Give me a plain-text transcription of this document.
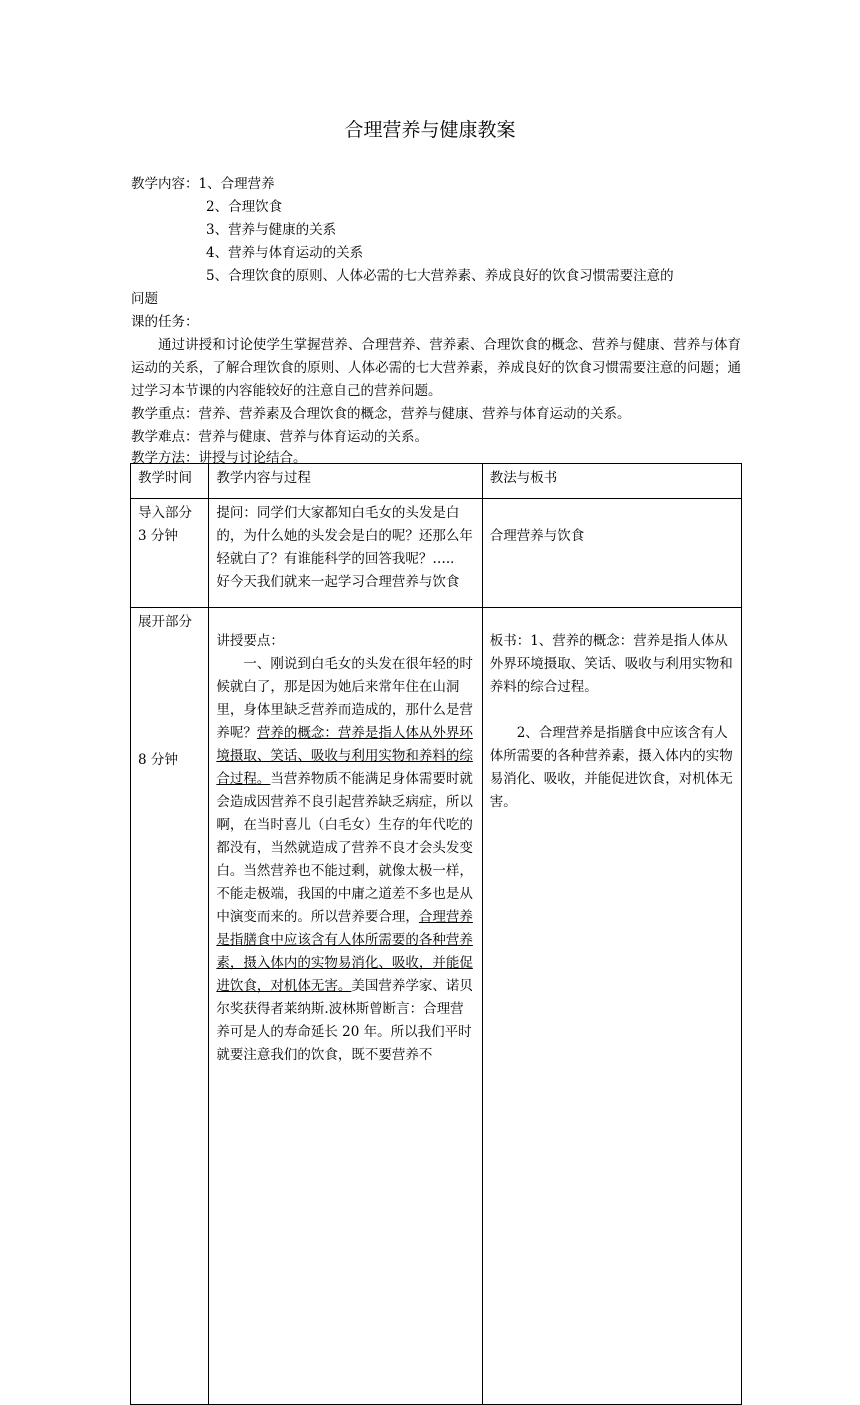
合理营养与健康教案
教学内容：1、合理营养
2、合理饮食
3、营养与健康的关系
4、营养与体育运动的关系
5、合理饮食的原则、人体必需的七大营养素、养成良好的饮食习惯需要注意的
问题
课的任务：
通过讲授和讨论使学生掌握营养、合理营养、营养素、合理饮食的概念、营养与健康、营养与体育运动的关系，了解合理饮食的原则、人体必需的七大营养素，养成良好的饮食习惯需要注意的问题；通过学习本节课的内容能较好的注意自己的营养问题。
教学重点：营养、营养素及合理饮食的概念，营养与健康、营养与体育运动的关系。
教学难点：营养与健康、营养与体育运动的关系。
教学方法：讲授与讨论结合。
教学时间	教学内容与过程	教法与板书

导入部分
3 分钟	提问：同学们大家都知白毛女的头发是白的，为什么她的头发会是白的呢？还那么年轻就白了？有谁能科学的回答我呢？….．好今天我们就来一起学习合理营养与饮食	合理营养与饮食

展开部分
8 分钟	讲授要点：
一、刚说到白毛女的头发在很年轻的时候就白了，那是因为她后来常年住在山洞里，身体里缺乏营养而造成的，那什么是营养呢？营养的概念：营养是指人体从外界环境摄取、笑话、吸收与利用实物和养料的综合过程。当营养物质不能满足身体需要时就会造成因营养不良引起营养缺乏病症，所以啊，在当时喜儿（白毛女）生存的年代吃的都没有，当然就造成了营养不良才会头发变白。当然营养也不能过剩，就像太极一样，不能走极端，我国的中庸之道差不多也是从中演变而来的。所以营养要合理，合理营养是指膳食中应该含有人体所需要的各种营养素，摄入体内的实物易消化、吸收，并能促进饮食，对机体无害。美国营养学家、诺贝尔奖获得者莱纳斯.波林斯曾断言：合理营养可是人的寿命延长 20 年。所以我们平时就要注意我们的饮食，既不要营养不	板书：1、营养的概念：营养是指人体从外界环境摄取、笑话、吸收与利用实物和养料的综合过程。
2、合理营养是指膳食中应该含有人体所需要的各种营养素，摄入体内的实物易消化、吸收，并能促进饮食，对机体无害。
